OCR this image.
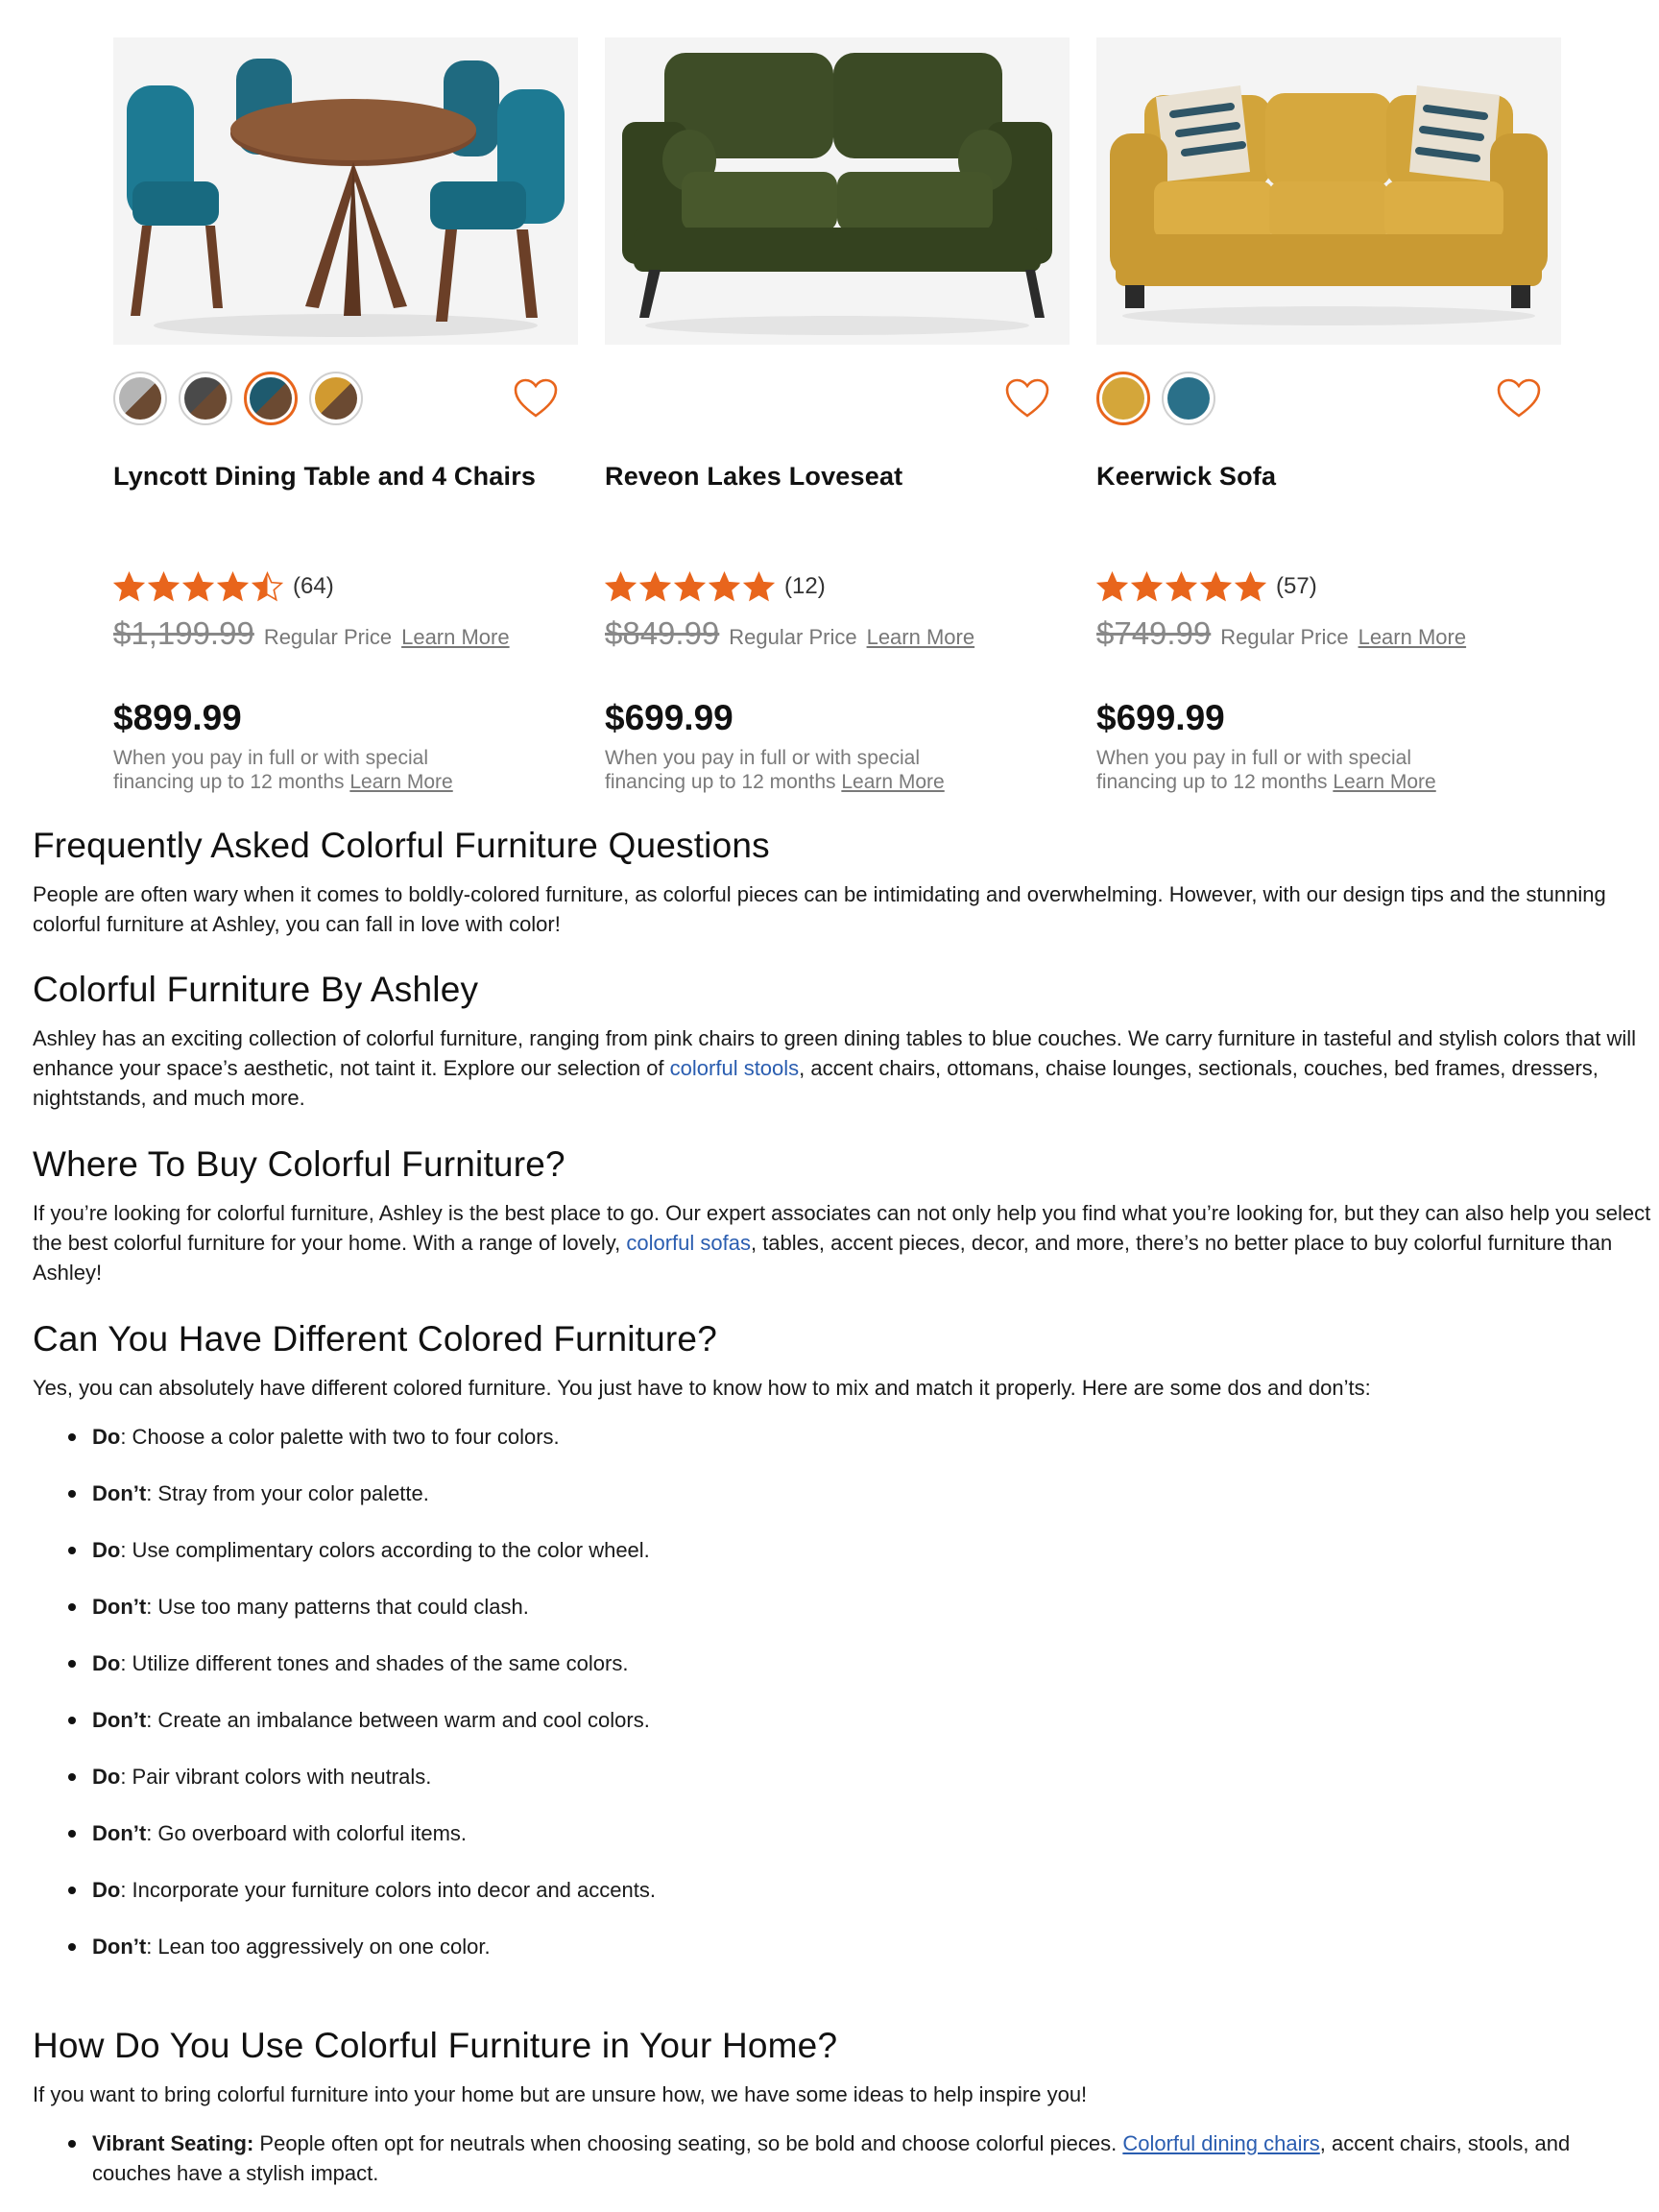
Lyncott Dining Table and 4 Chairs
(64)
$1,199.99 Regular Price Learn More
$899.99
When you pay in full or with special financing up to 12 months Learn More
Reveon Lakes Loveseat
(12)
$849.99 Regular Price Learn More
$699.99
When you pay in full or with special financing up to 12 months Learn More
Keerwick Sofa
(57)
$749.99 Regular Price Learn More
$699.99
When you pay in full or with special financing up to 12 months Learn More
Frequently Asked Colorful Furniture Questions

People are often wary when it comes to boldly-colored furniture, as colorful pieces can be intimidating and overwhelming. However, with our design tips and the stunning colorful furniture at Ashley, you can fall in love with color!

Colorful Furniture By Ashley

Ashley has an exciting collection of colorful furniture, ranging from pink chairs to green dining tables to blue couches. We carry furniture in tasteful and stylish colors that will enhance your space’s aesthetic, not taint it. Explore our selection of colorful stools, accent chairs, ottomans, chaise lounges, sectionals, couches, bed frames, dressers, nightstands, and much more.

Where To Buy Colorful Furniture?

If you’re looking for colorful furniture, Ashley is the best place to go. Our expert associates can not only help you find what you’re looking for, but they can also help you select the best colorful furniture for your home. With a range of lovely, colorful sofas, tables, accent pieces, decor, and more, there’s no better place to buy colorful furniture than Ashley!

Can You Have Different Colored Furniture?

Yes, you can absolutely have different colored furniture. You just have to know how to mix and match it properly. Here are some dos and don’ts:

Do: Choose a color palette with two to four colors.
Don’t: Stray from your color palette.
Do: Use complimentary colors according to the color wheel.
Don’t: Use too many patterns that could clash.
Do: Utilize different tones and shades of the same colors.
Don’t: Create an imbalance between warm and cool colors.
Do: Pair vibrant colors with neutrals.
Don’t: Go overboard with colorful items.
Do: Incorporate your furniture colors into decor and accents.
Don’t: Lean too aggressively on one color.
How Do You Use Colorful Furniture in Your Home?

If you want to bring colorful furniture into your home but are unsure how, we have some ideas to help inspire you!

Vibrant Seating: People often opt for neutrals when choosing seating, so be bold and choose colorful pieces. Colorful dining chairs, accent chairs, stools, and couches have a stylish impact.
